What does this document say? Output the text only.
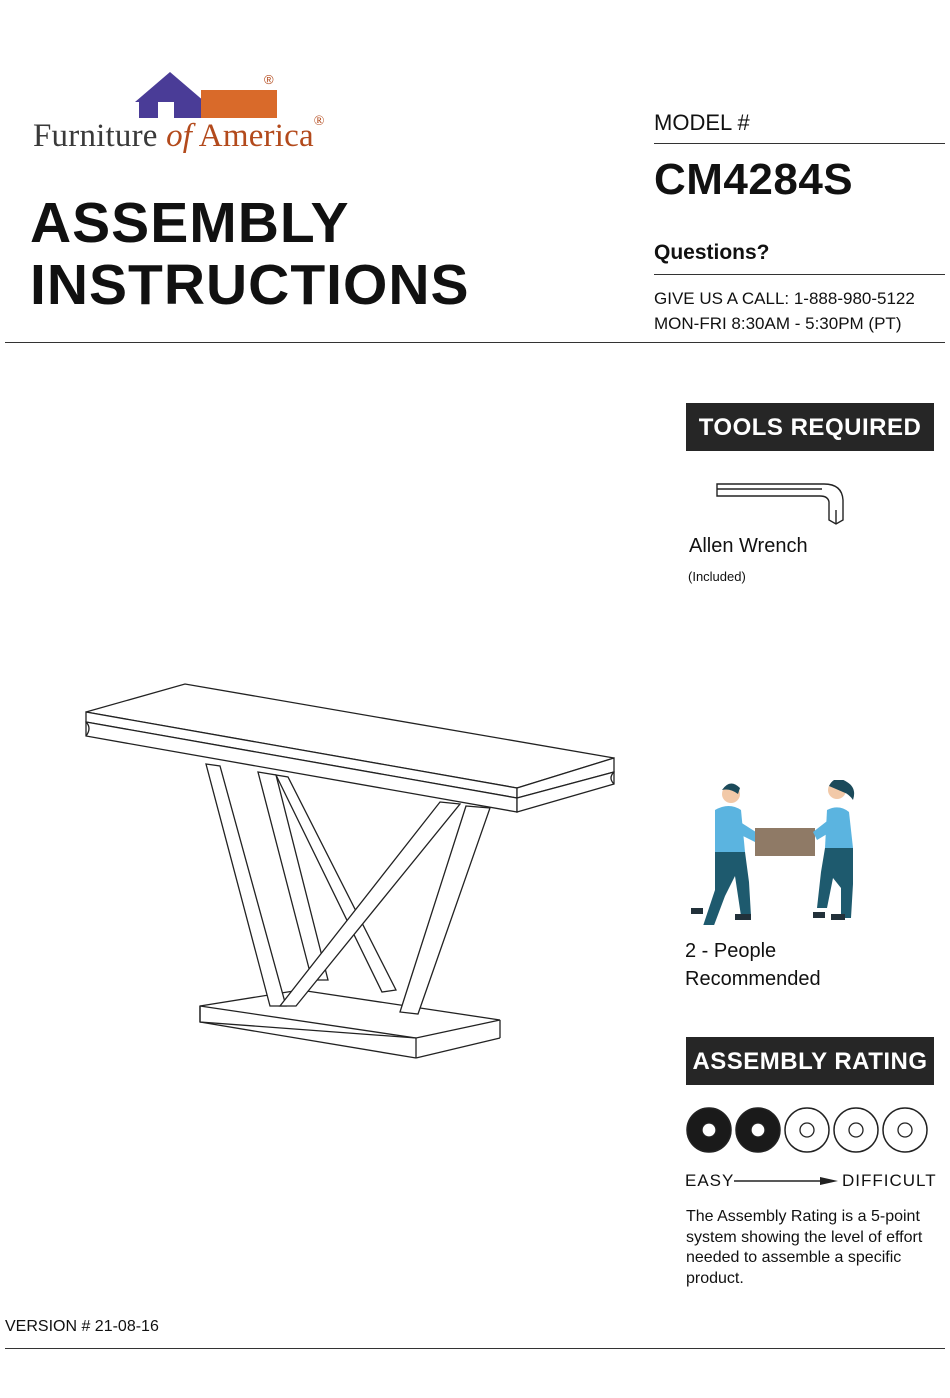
®
Furniture of America®
ASSEMBLY
INSTRUCTIONS
MODEL #
CM4284S
Questions?
GIVE US A CALL: 1-888-980-5122
MON-FRI 8:30AM - 5:30PM (PT)
TOOLS REQUIRED
Allen Wrench
(Included)
2 - People
Recommended
ASSEMBLY RATING
EASY	DIFFICULT
The Assembly Rating is a 5-point system showing the level of effort needed to assemble a specific product.
VERSION # 21-08-16
